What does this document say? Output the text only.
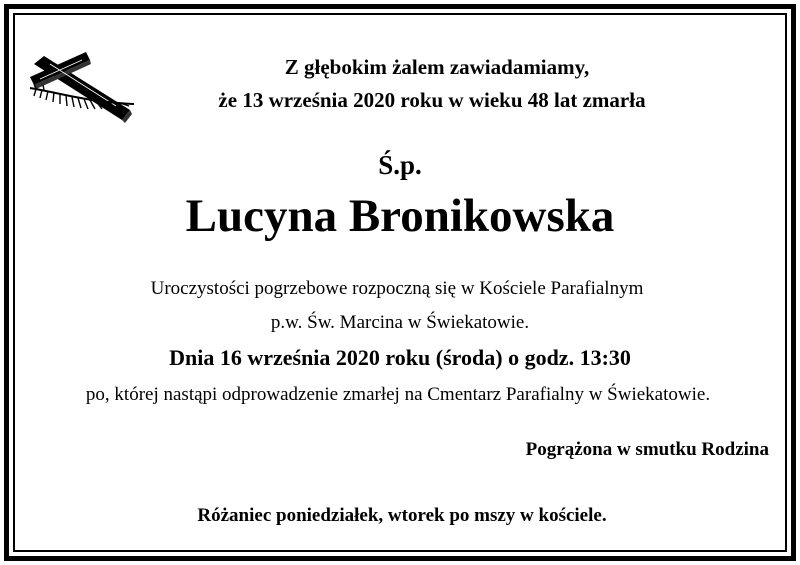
Z głębokim żalem zawiadamiamy,
że 13 września 2020 roku w wieku 48 lat zmarła
Ś.p.
Lucyna Bronikowska
Uroczystości pogrzebowe rozpoczną się w Kościele Parafialnym
p.w. Św. Marcina w Świekatowie.
Dnia 16 września 2020 roku (środa) o godz. 13:30
po, której nastąpi odprowadzenie zmarłej na Cmentarz Parafialny w Świekatowie.
Pogrążona w smutku Rodzina
Różaniec poniedziałek, wtorek po mszy w kościele.
